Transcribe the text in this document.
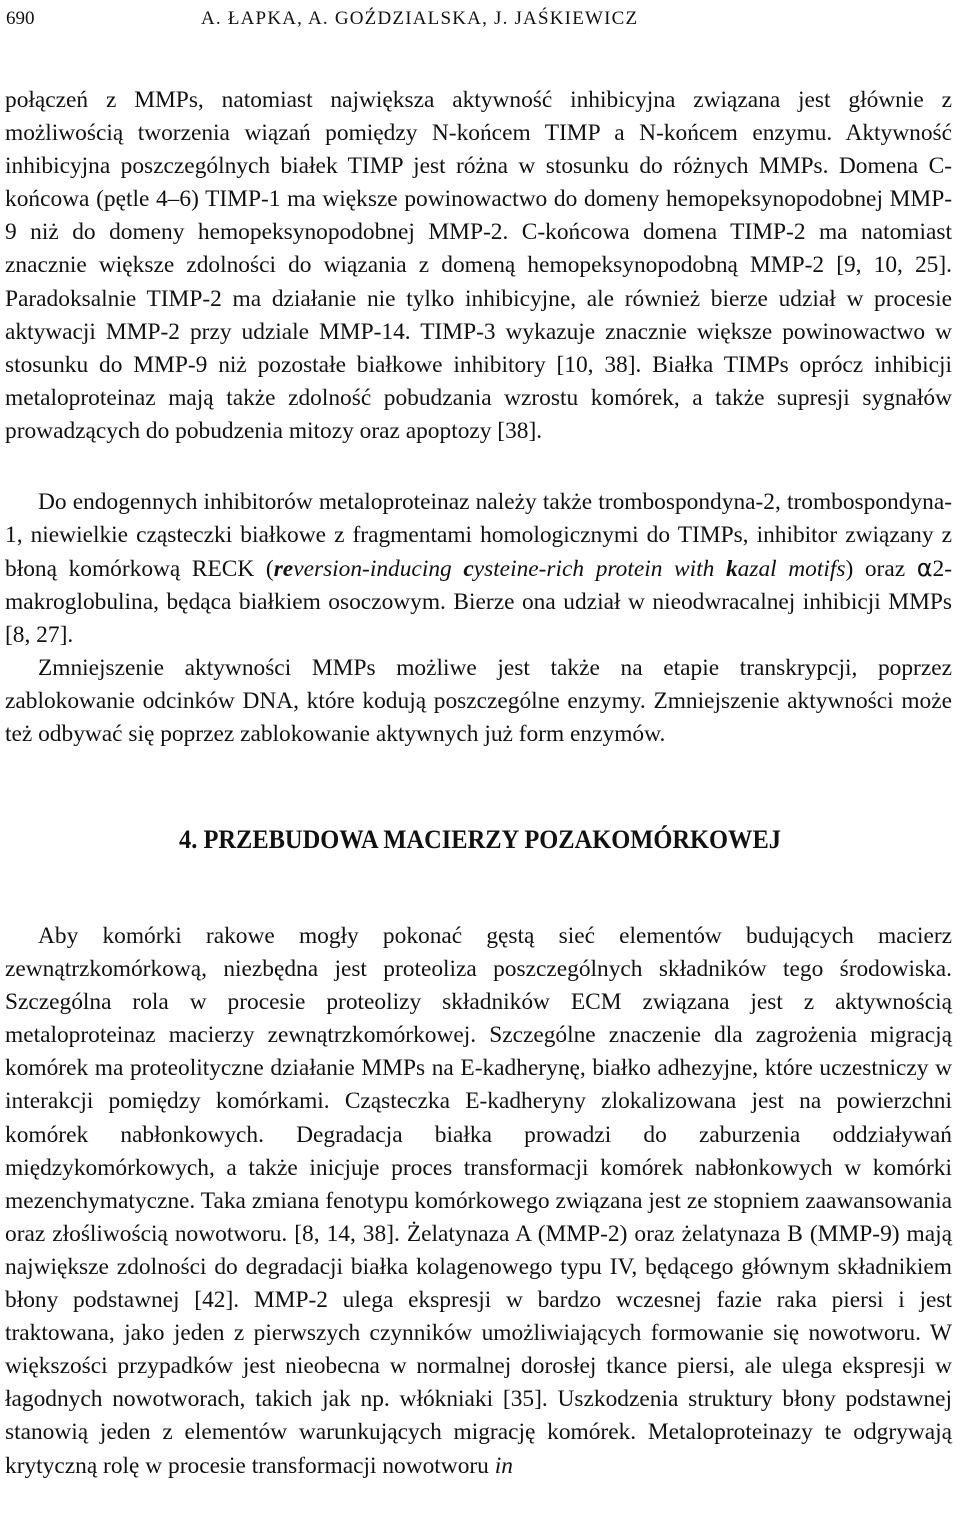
690	A. ŁAPKA, A. GOŹDZIALSKA, J. JAŚKIEWICZ

połączeń z MMPs, natomiast największa aktywność inhibicyjna związana jest głównie z możliwością tworzenia wiązań pomiędzy N-końcem TIMP a N-końcem enzymu. Aktywność inhibicyjna poszczególnych białek TIMP jest różna w stosunku do różnych MMPs. Domena C-końcowa (pętle 4–6) TIMP-1 ma większe powinowactwo do domeny hemopeksynopodobnej MMP- 9 niż do domeny hemopeksynopodobnej MMP-2. C-końcowa domena TIMP-2 ma natomiast znacznie większe zdolności do wiązania z domeną hemopeksynopodobną MMP-2 [9, 10, 25]. Paradoksalnie TIMP-2 ma działanie nie tylko inhibicyjne, ale również bierze udział w procesie aktywacji MMP-2 przy udziale MMP-14. TIMP-3 wykazuje znacznie większe powinowactwo w stosunku do MMP-9 niż pozostałe białkowe inhibitory [10, 38]. Białka TIMPs oprócz inhibicji metaloproteinaz mają także zdolność pobudzania wzrostu komórek, a także supresji sygnałów prowadzących do pobudzenia mitozy oraz apoptozy [38].

Do endogennych inhibitorów metaloproteinaz należy także trombospondyna-2, trombospondyna-1, niewielkie cząsteczki białkowe z fragmentami homologicznymi do TIMPs, inhibitor związany z błoną komórkową RECK (reversion-inducing cysteine-rich protein with kazal motifs) oraz α2-makroglobulina, będąca białkiem osoczowym. Bierze ona udział w nieodwracalnej inhibicji MMPs [8, 27].

Zmniejszenie aktywności MMPs możliwe jest także na etapie transkrypcji, poprzez zablokowanie odcinków DNA, które kodują poszczególne enzymy. Zmniejszenie aktywności może też odbywać się poprzez zablokowanie aktywnych już form enzymów.

4. PRZEBUDOWA MACIERZY POZAKOMÓRKOWEJ

Aby komórki rakowe mogły pokonać gęstą sieć elementów budujących macierz zewnątrzkomórkową, niezbędna jest proteoliza poszczególnych składników tego środowiska. Szczególna rola w procesie proteolizy składników ECM związana jest z aktywnością metaloproteinaz macierzy zewnątrzkomórkowej. Szczególne znaczenie dla zagrożenia migracją komórek ma proteolityczne działanie MMPs na E-kadherynę, białko adhezyjne, które uczestniczy w interakcji pomiędzy komórkami. Cząsteczka E-kadheryny zlokalizowana jest na powierzchni komórek nabłonkowych. Degradacja białka prowadzi do zaburzenia oddziaływań międzykomórkowych, a także inicjuje proces transformacji komórek nabłonkowych w komórki mezenchymatyczne. Taka zmiana fenotypu komórkowego związana jest ze stopniem zaawansowania oraz złośliwością nowotworu. [8, 14, 38]. Żelatynaza A (MMP-2) oraz żelatynaza B (MMP-9) mają największe zdolności do degradacji białka kolagenowego typu IV, będącego głównym składnikiem błony podstawnej [42]. MMP-2 ulega ekspresji w bardzo wczesnej fazie raka piersi i jest traktowana, jako jeden z pierwszych czynników umożliwiających formowanie się nowotworu. W większości przypadków jest nieobecna w normalnej dorosłej tkance piersi, ale ulega ekspresji w łagodnych nowotworach, takich jak np. włókniaki [35]. Uszkodzenia struktury błony podstawnej stanowią jeden z elementów warunkujących migrację komórek. Metaloproteinazy te odgrywają krytyczną rolę w procesie transformacji nowotworu in
